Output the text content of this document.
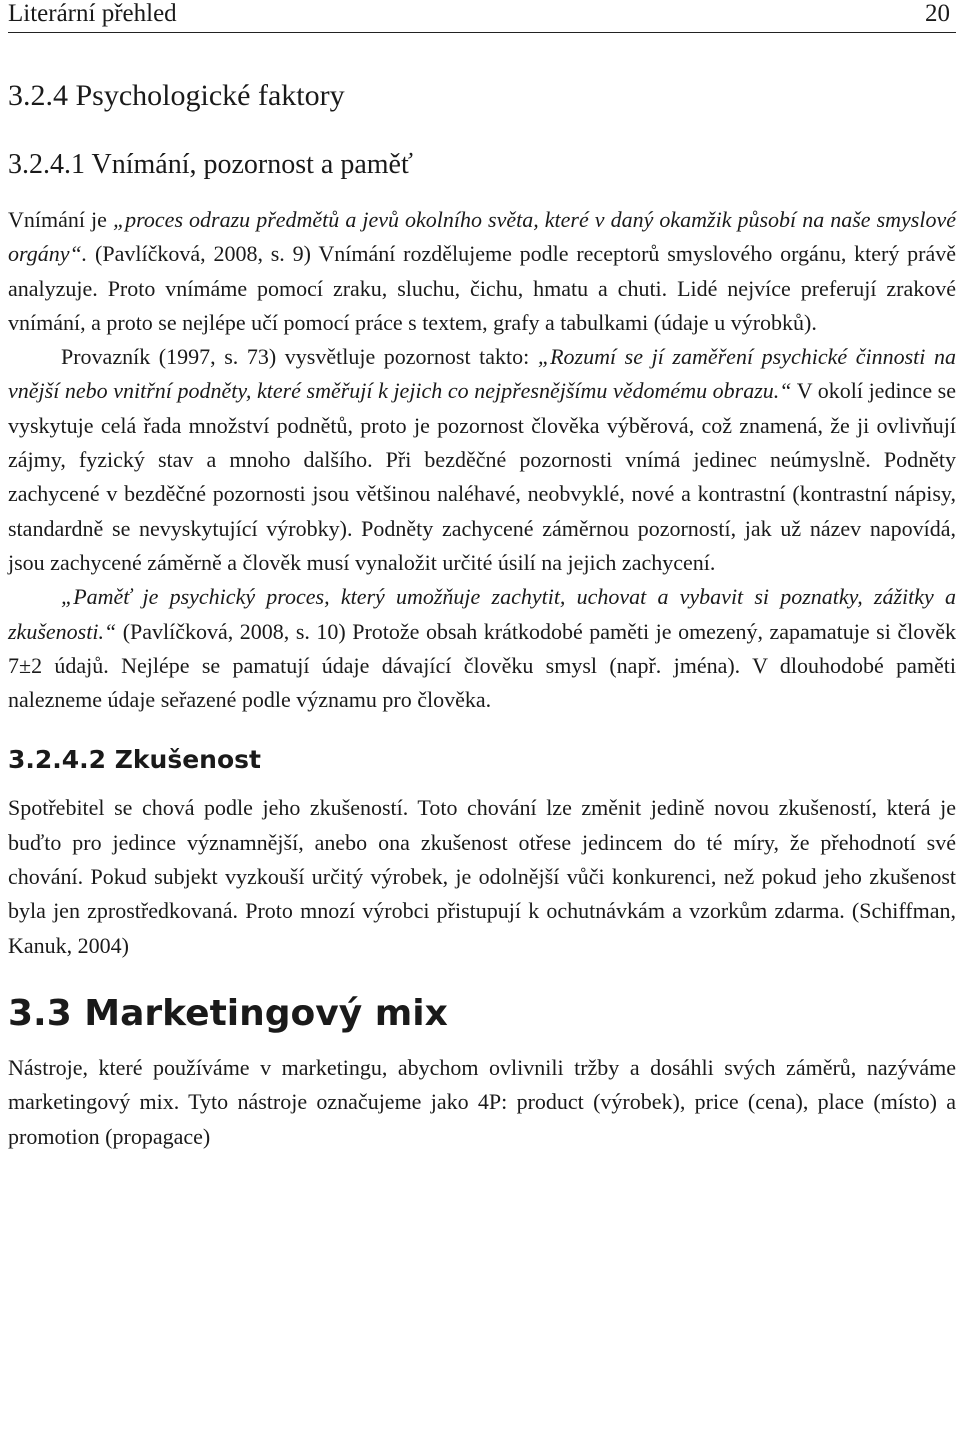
Literární přehled	20
3.2.4 Psychologické faktory
3.2.4.1 Vnímání, pozornost a paměť

Vnímání je „proces odrazu předmětů a jevů okolního světa, které v daný okamžik působí na naše smyslové orgány“. (Pavlíčková, 2008, s. 9) Vnímání rozdělujeme podle receptorů smyslového orgánu, který právě analyzuje. Proto vnímáme pomocí zraku, sluchu, čichu, hmatu a chuti. Lidé nejvíce preferují zrakové vnímání, a proto se nejlépe učí pomocí práce s textem, grafy a tabulkami (údaje u výrobků).

Provazník (1997, s. 73) vysvětluje pozornost takto: „Rozumí se jí zaměření psychické činnosti na vnější nebo vnitřní podněty, které směřují k jejich co nejpřesnějšímu vědomému obrazu.“ V okolí jedince se vyskytuje celá řada množství podnětů, proto je pozornost člověka výběrová, což znamená, že ji ovlivňují zájmy, fyzický stav a mnoho dalšího. Při bezděčné pozornosti vnímá jedinec neúmyslně. Podněty zachycené v bezděčné pozornosti jsou většinou naléhavé, neobvyklé, nové a kontrastní (kontrastní nápisy, standardně se nevyskytující výrobky). Podněty zachycené záměrnou pozorností, jak už název napovídá, jsou zachycené záměrně a člověk musí vynaložit určité úsilí na jejich zachycení.

„Paměť je psychický proces, který umožňuje zachytit, uchovat a vybavit si poznatky, zážitky a zkušenosti.“ (Pavlíčková, 2008, s. 10) Protože obsah krátkodobé paměti je omezený, zapamatuje si člověk 7±2 údajů. Nejlépe se pamatují údaje dávající člověku smysl (např. jména). V dlouhodobé paměti nalezneme údaje seřazené podle významu pro člověka.

3.2.4.2 Zkušenost

Spotřebitel se chová podle jeho zkušeností. Toto chování lze změnit jedině novou zkušeností, která je buďto pro jedince významnější, anebo ona zkušenost otřese jedincem do té míry, že přehodnotí své chování. Pokud subjekt vyzkouší určitý výrobek, je odolnější vůči konkurenci, než pokud jeho zkušenost byla jen zprostředkovaná. Proto mnozí výrobci přistupují k ochutnávkám a vzorkům zdarma. (Schiffman, Kanuk, 2004)

3.3 Marketingový mix

Nástroje, které používáme v marketingu, abychom ovlivnili tržby a dosáhli svých záměrů, nazýváme marketingový mix. Tyto nástroje označujeme jako 4P: product (výrobek), price (cena), place (místo) a promotion (propagace)
